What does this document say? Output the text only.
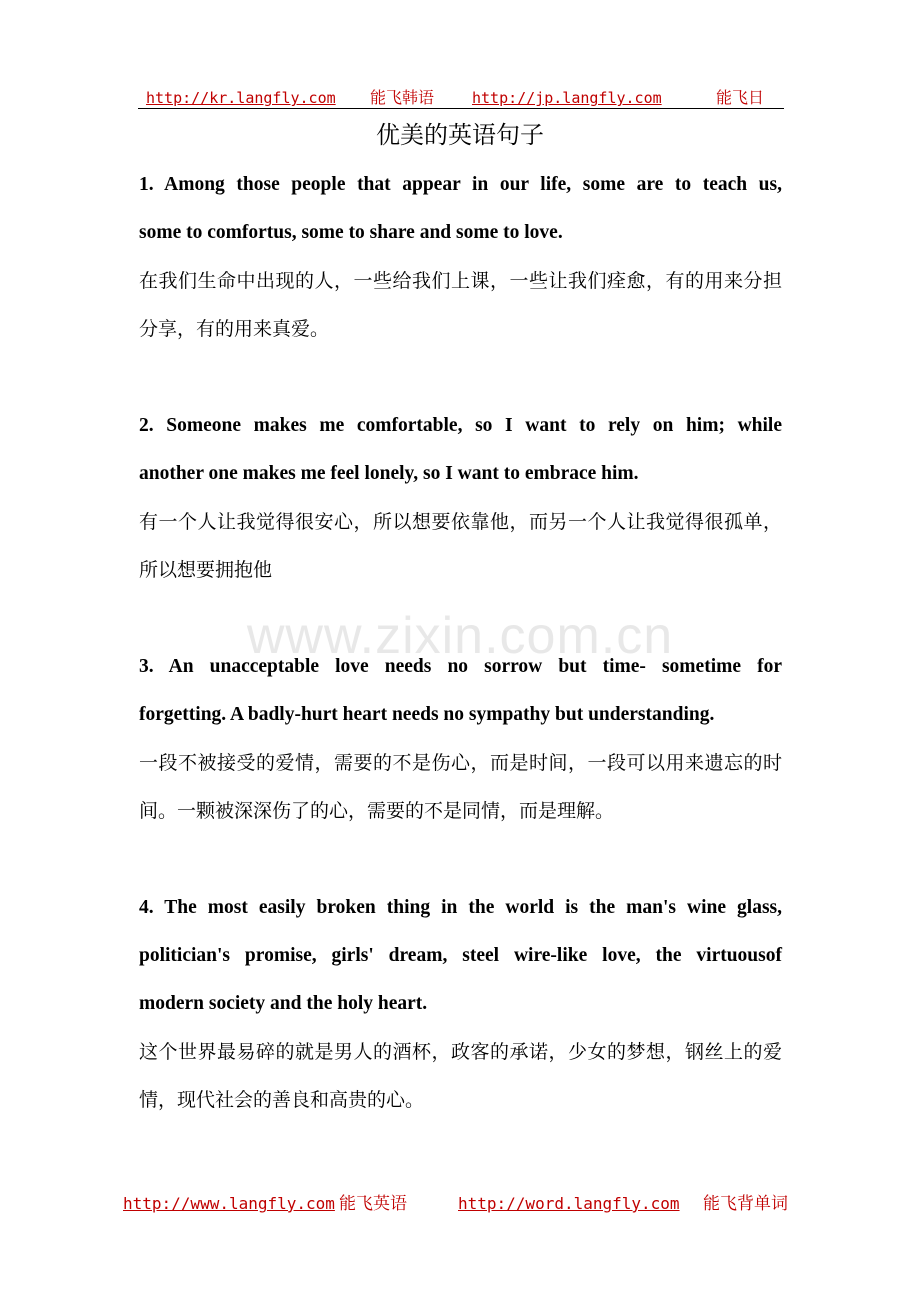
http://kr.langfly.com 能飞韩语	http://jp.langfly.com	能飞日
优美的英语句子
1. Among those people that appear in our life, some are to teach us,
some to comfortus, some to share and some to love.
在我们生命中出现的人，一些给我们上课，一些让我们痊愈，有的用来分担分享，有的用来真爱。
2. Someone makes me comfortable, so I want to rely on him; while
another one makes me feel lonely, so I want to embrace him.
有一个人让我觉得很安心，所以想要依靠他，而另一个人让我觉得很孤单，所以想要拥抱他
www.zixin.com.cn
3. An unacceptable love needs no sorrow but time- sometime for
forgetting. A badly-hurt heart needs no sympathy but understanding.
一段不被接受的爱情，需要的不是伤心，而是时间，一段可以用来遗忘的时间。一颗被深深伤了的心，需要的不是同情，而是理解。
4. The most easily broken thing in the world is the man's wine glass,
politician's promise, girls' dream, steel wire-like love, the virtuousof
modern society and the holy heart.
这个世界最易碎的就是男人的酒杯，政客的承诺，少女的梦想，钢丝上的爱情，现代社会的善良和高贵的心。
http://www.langfly.com 能飞英语	http://word.langfly.com 能飞背单词
